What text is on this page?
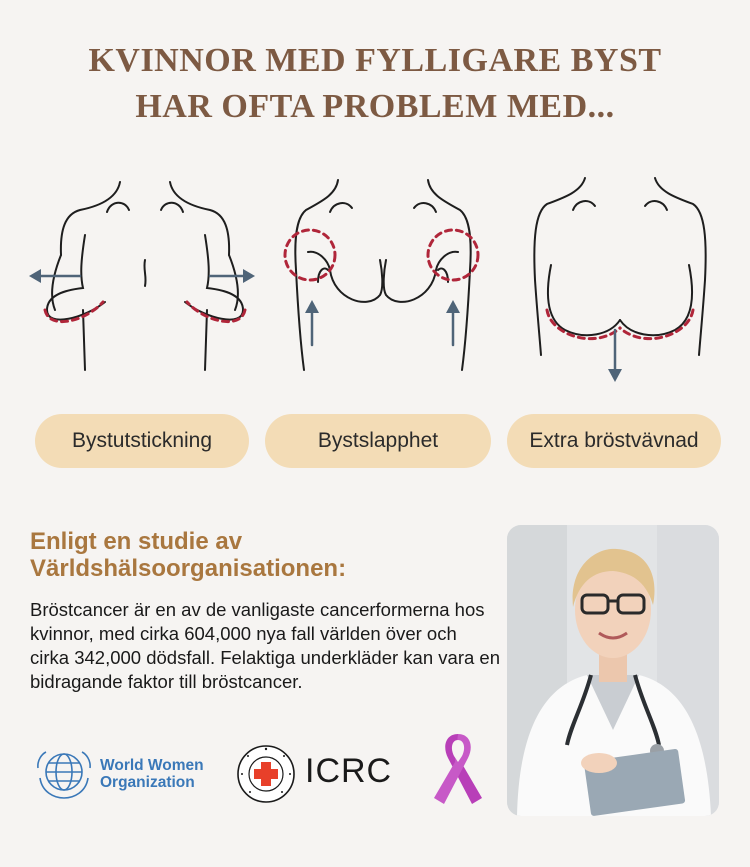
KVINNOR MED FYLLIGARE BYST
HAR OFTA PROBLEM MED...
Bystutstickning	Bystslapphet	Extra bröstvävnad
Enligt en studie av Världshälsoorganisationen:
Bröstcancer är en av de vanligaste cancerformerna hos kvinnor, med cirka 604,000 nya fall världen över och cirka 342,000 dödsfall. Felaktiga underkläder kan vara en bidragande faktor till bröstcancer.
World Women
Organization	ICRC
